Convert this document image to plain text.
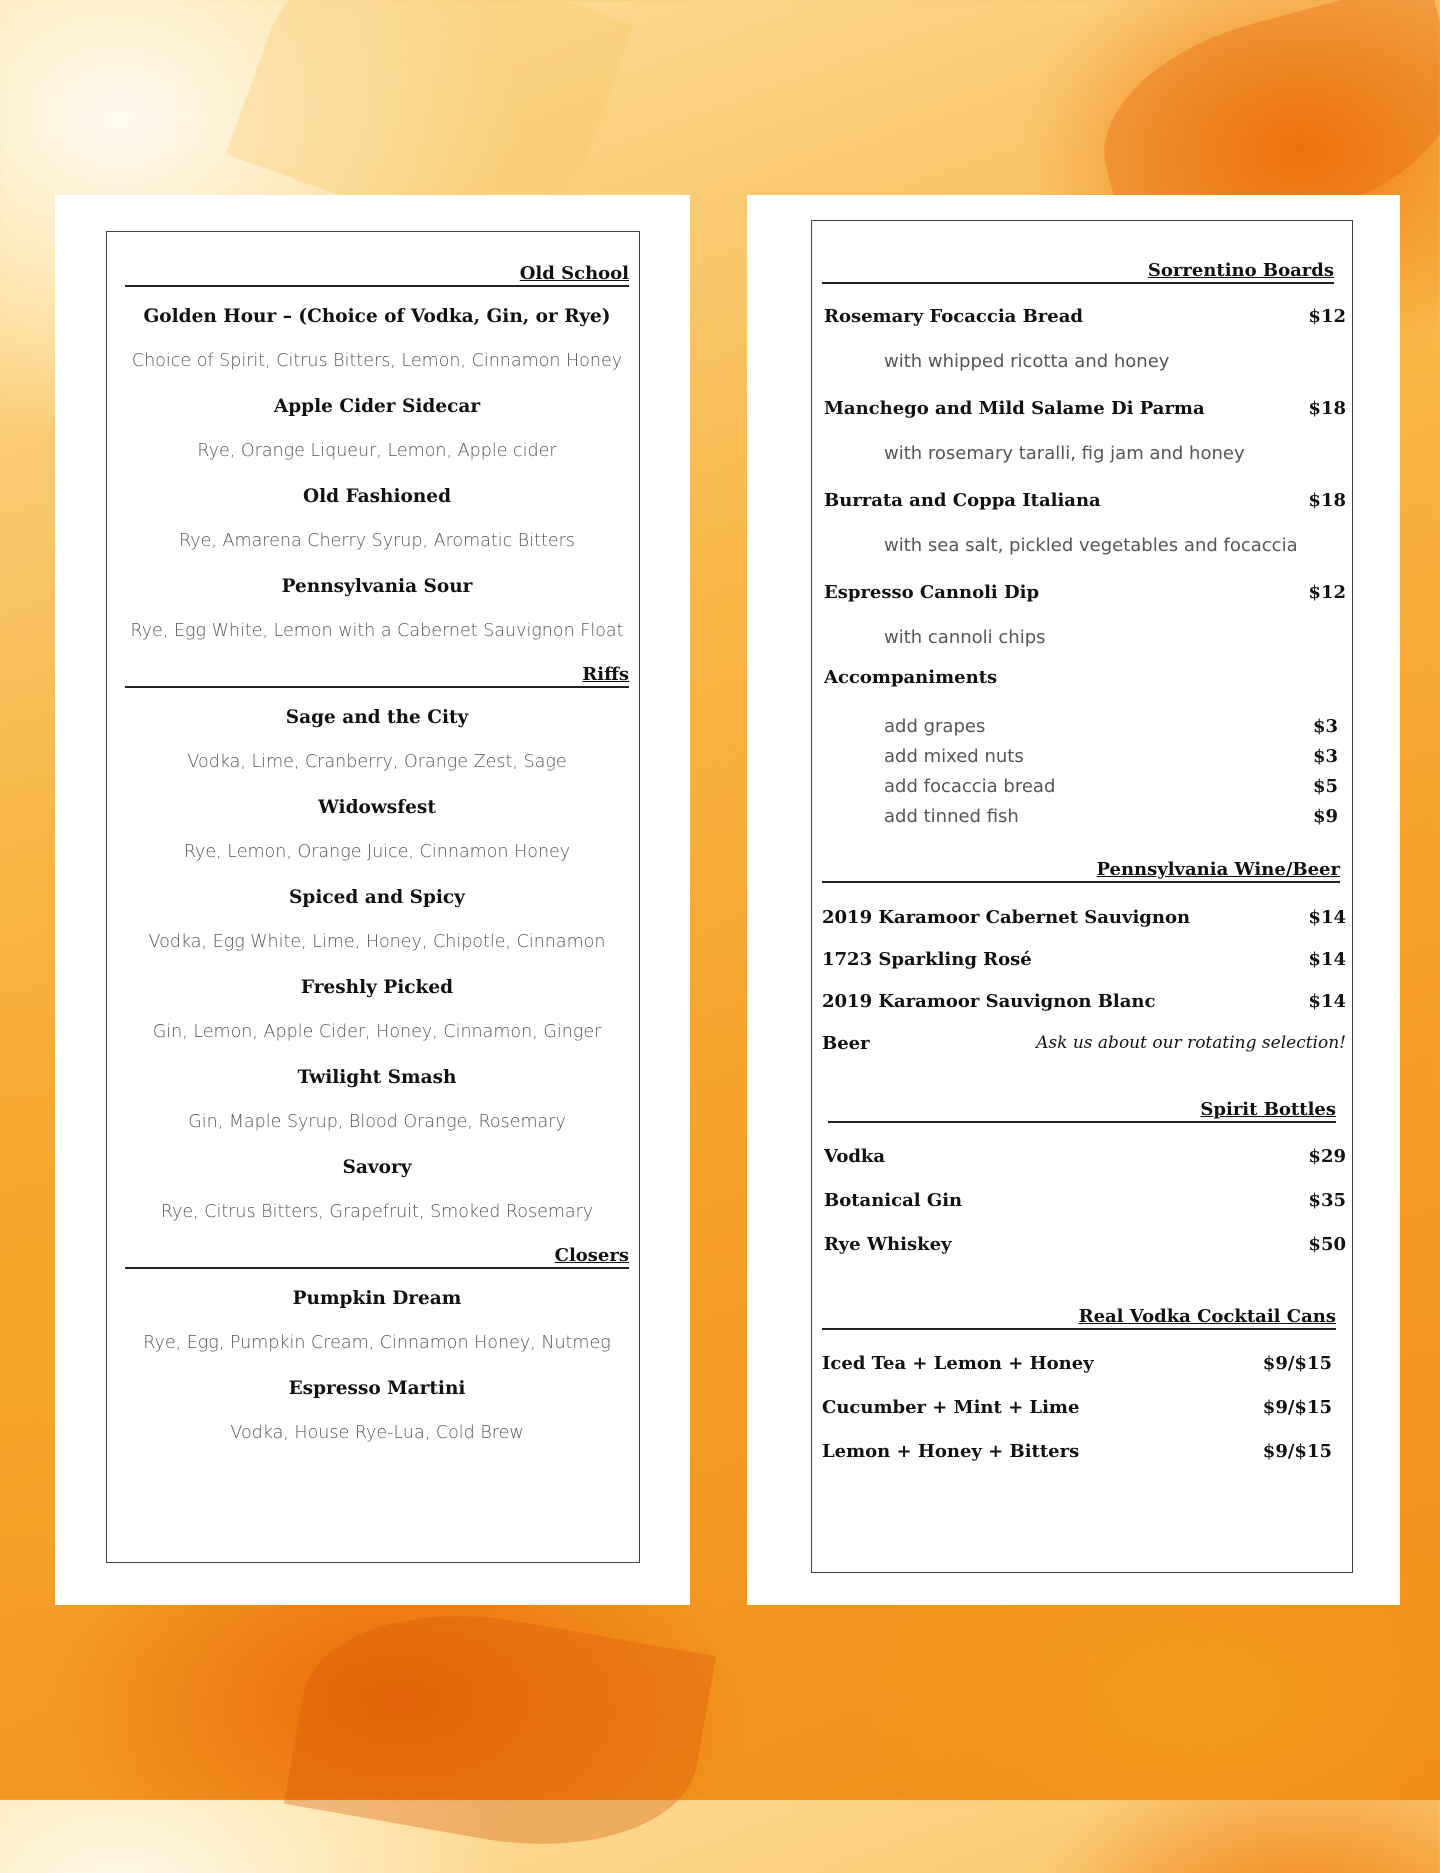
Old School
Golden Hour – (Choice of Vodka, Gin, or Rye)
Choice of Spirit, Citrus Bitters, Lemon, Cinnamon Honey
Apple Cider Sidecar
Rye, Orange Liqueur, Lemon, Apple cider
Old Fashioned
Rye, Amarena Cherry Syrup, Aromatic Bitters
Pennsylvania Sour
Rye, Egg White, Lemon with a Cabernet Sauvignon Float
Riffs
Sage and the City
Vodka, Lime, Cranberry, Orange Zest, Sage
Widowsfest
Rye, Lemon, Orange Juice, Cinnamon Honey
Spiced and Spicy
Vodka, Egg White, Lime, Honey, Chipotle, Cinnamon
Freshly Picked
Gin, Lemon, Apple Cider, Honey, Cinnamon, Ginger
Twilight Smash
Gin, Maple Syrup, Blood Orange, Rosemary
Savory
Rye, Citrus Bitters, Grapefruit, Smoked Rosemary
Closers
Pumpkin Dream
Rye, Egg, Pumpkin Cream, Cinnamon Honey, Nutmeg
Espresso Martini
Vodka, House Rye-Lua, Cold Brew
Sorrentino Boards
Rosemary Focaccia Bread	$12
with whipped ricotta and honey
Manchego and Mild Salame Di Parma	$18
with rosemary taralli, fig jam and honey
Burrata and Coppa Italiana	$18
with sea salt, pickled vegetables and focaccia
Espresso Cannoli Dip	$12
with cannoli chips
Accompaniments
add grapes	$3
add mixed nuts	$3
add focaccia bread	$5
add tinned fish	$9
Pennsylvania Wine/Beer
2019 Karamoor Cabernet Sauvignon	$14
1723 Sparkling Rosé	$14
2019 Karamoor Sauvignon Blanc	$14
Beer	Ask us about our rotating selection!
Spirit Bottles
Vodka	$29
Botanical Gin	$35
Rye Whiskey	$50
Real Vodka Cocktail Cans
Iced Tea + Lemon + Honey	$9/$15
Cucumber + Mint + Lime	$9/$15
Lemon + Honey + Bitters	$9/$15
